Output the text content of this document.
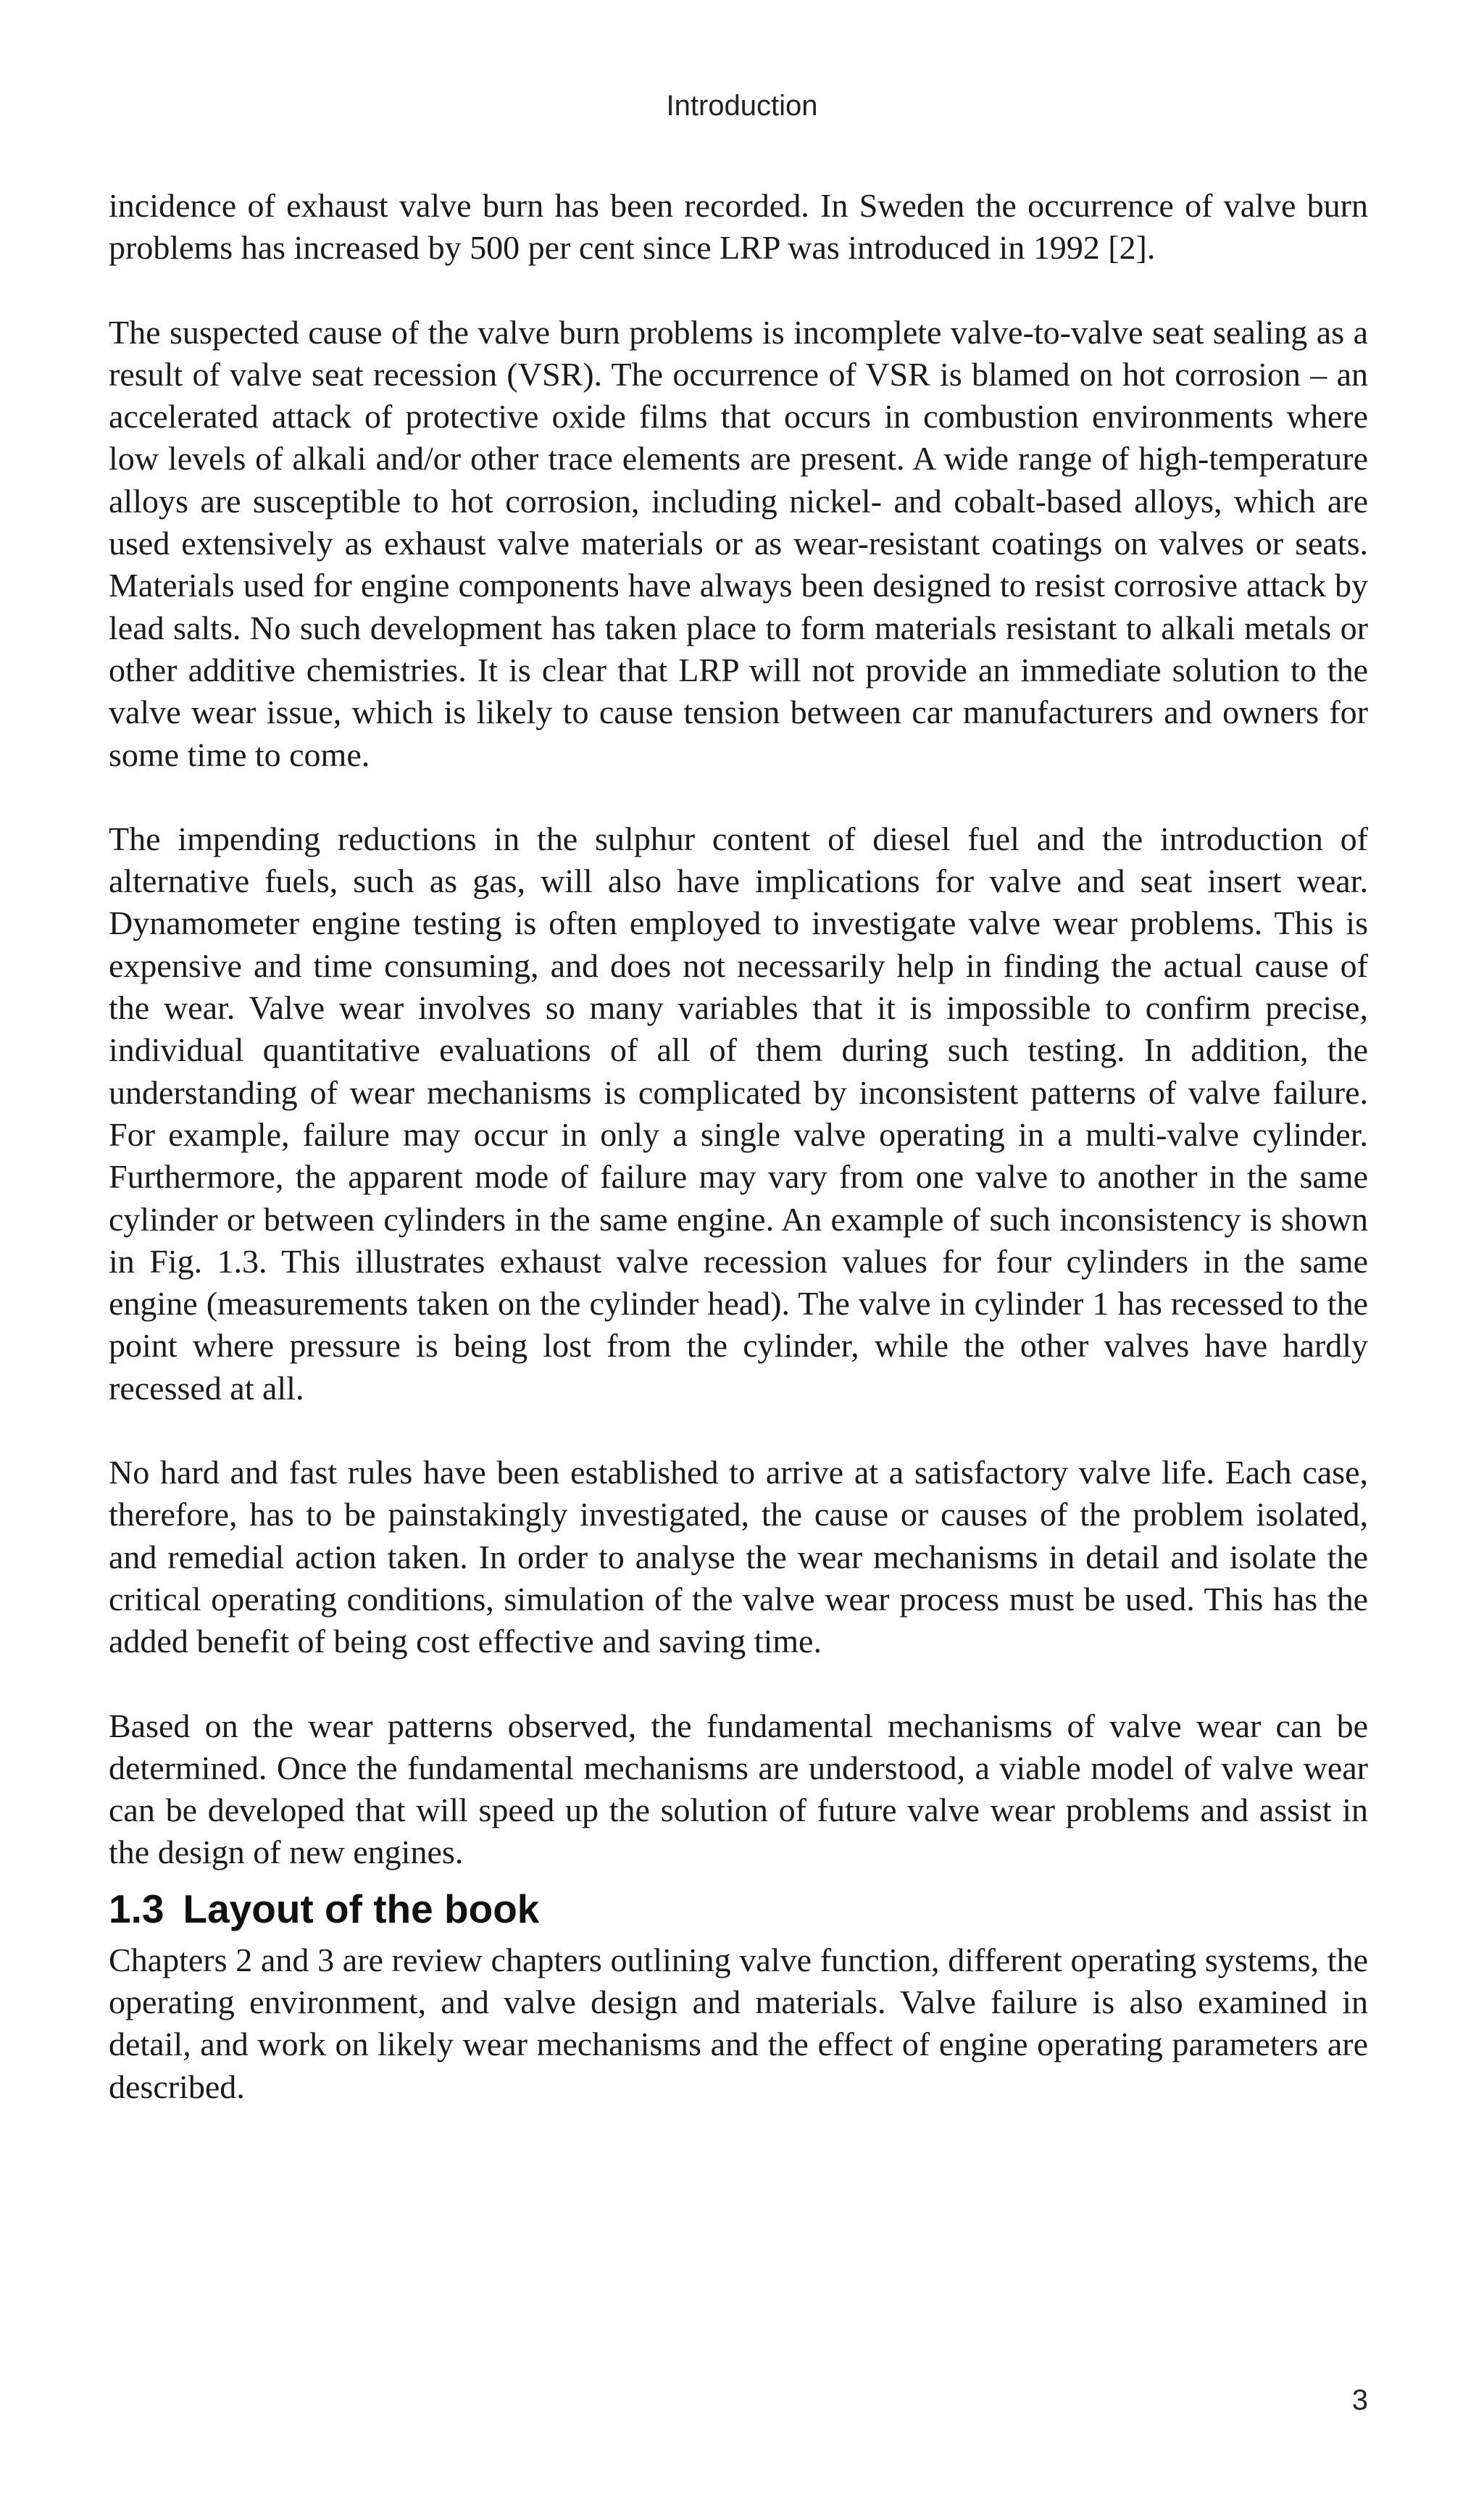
Introduction

incidence of exhaust valve burn has been recorded. In Sweden the occurrence of valve burn problems has increased by 500 per cent since LRP was introduced in 1992 [2].

The suspected cause of the valve burn problems is incomplete valve-to-valve seat sealing as a result of valve seat recession (VSR). The occurrence of VSR is blamed on hot corrosion – an accelerated attack of protective oxide films that occurs in combustion environments where low levels of alkali and/or other trace elements are present. A wide range of high-temperature alloys are susceptible to hot corrosion, including nickel- and cobalt-based alloys, which are used extensively as exhaust valve materials or as wear-resistant coatings on valves or seats. Materials used for engine components have always been designed to resist corrosive attack by lead salts. No such development has taken place to form materials resistant to alkali metals or other additive chemistries. It is clear that LRP will not provide an immediate solution to the valve wear issue, which is likely to cause tension between car manufacturers and owners for some time to come.

The impending reductions in the sulphur content of diesel fuel and the introduction of alternative fuels, such as gas, will also have implications for valve and seat insert wear. Dynamometer engine testing is often employed to investigate valve wear problems. This is expensive and time consuming, and does not necessarily help in finding the actual cause of the wear. Valve wear involves so many variables that it is impossible to confirm precise, individual quantitative evaluations of all of them during such testing. In addition, the understanding of wear mechanisms is complicated by inconsistent patterns of valve failure. For example, failure may occur in only a single valve operating in a multi-valve cylinder. Furthermore, the apparent mode of failure may vary from one valve to another in the same cylinder or between cylinders in the same engine. An example of such inconsistency is shown in Fig. 1.3. This illustrates exhaust valve recession values for four cylinders in the same engine (measurements taken on the cylinder head). The valve in cylinder 1 has recessed to the point where pressure is being lost from the cylinder, while the other valves have hardly recessed at all.

No hard and fast rules have been established to arrive at a satisfactory valve life. Each case, therefore, has to be painstakingly investigated, the cause or causes of the problem isolated, and remedial action taken. In order to analyse the wear mechanisms in detail and isolate the critical operating conditions, simulation of the valve wear process must be used. This has the added benefit of being cost effective and saving time.

Based on the wear patterns observed, the fundamental mechanisms of valve wear can be determined. Once the fundamental mechanisms are understood, a viable model of valve wear can be developed that will speed up the solution of future valve wear problems and assist in the design of new engines.

1.3 Layout of the book

Chapters 2 and 3 are review chapters outlining valve function, different operating systems, the operating environment, and valve design and materials. Valve failure is also examined in detail, and work on likely wear mechanisms and the effect of engine operating parameters are described.

3
